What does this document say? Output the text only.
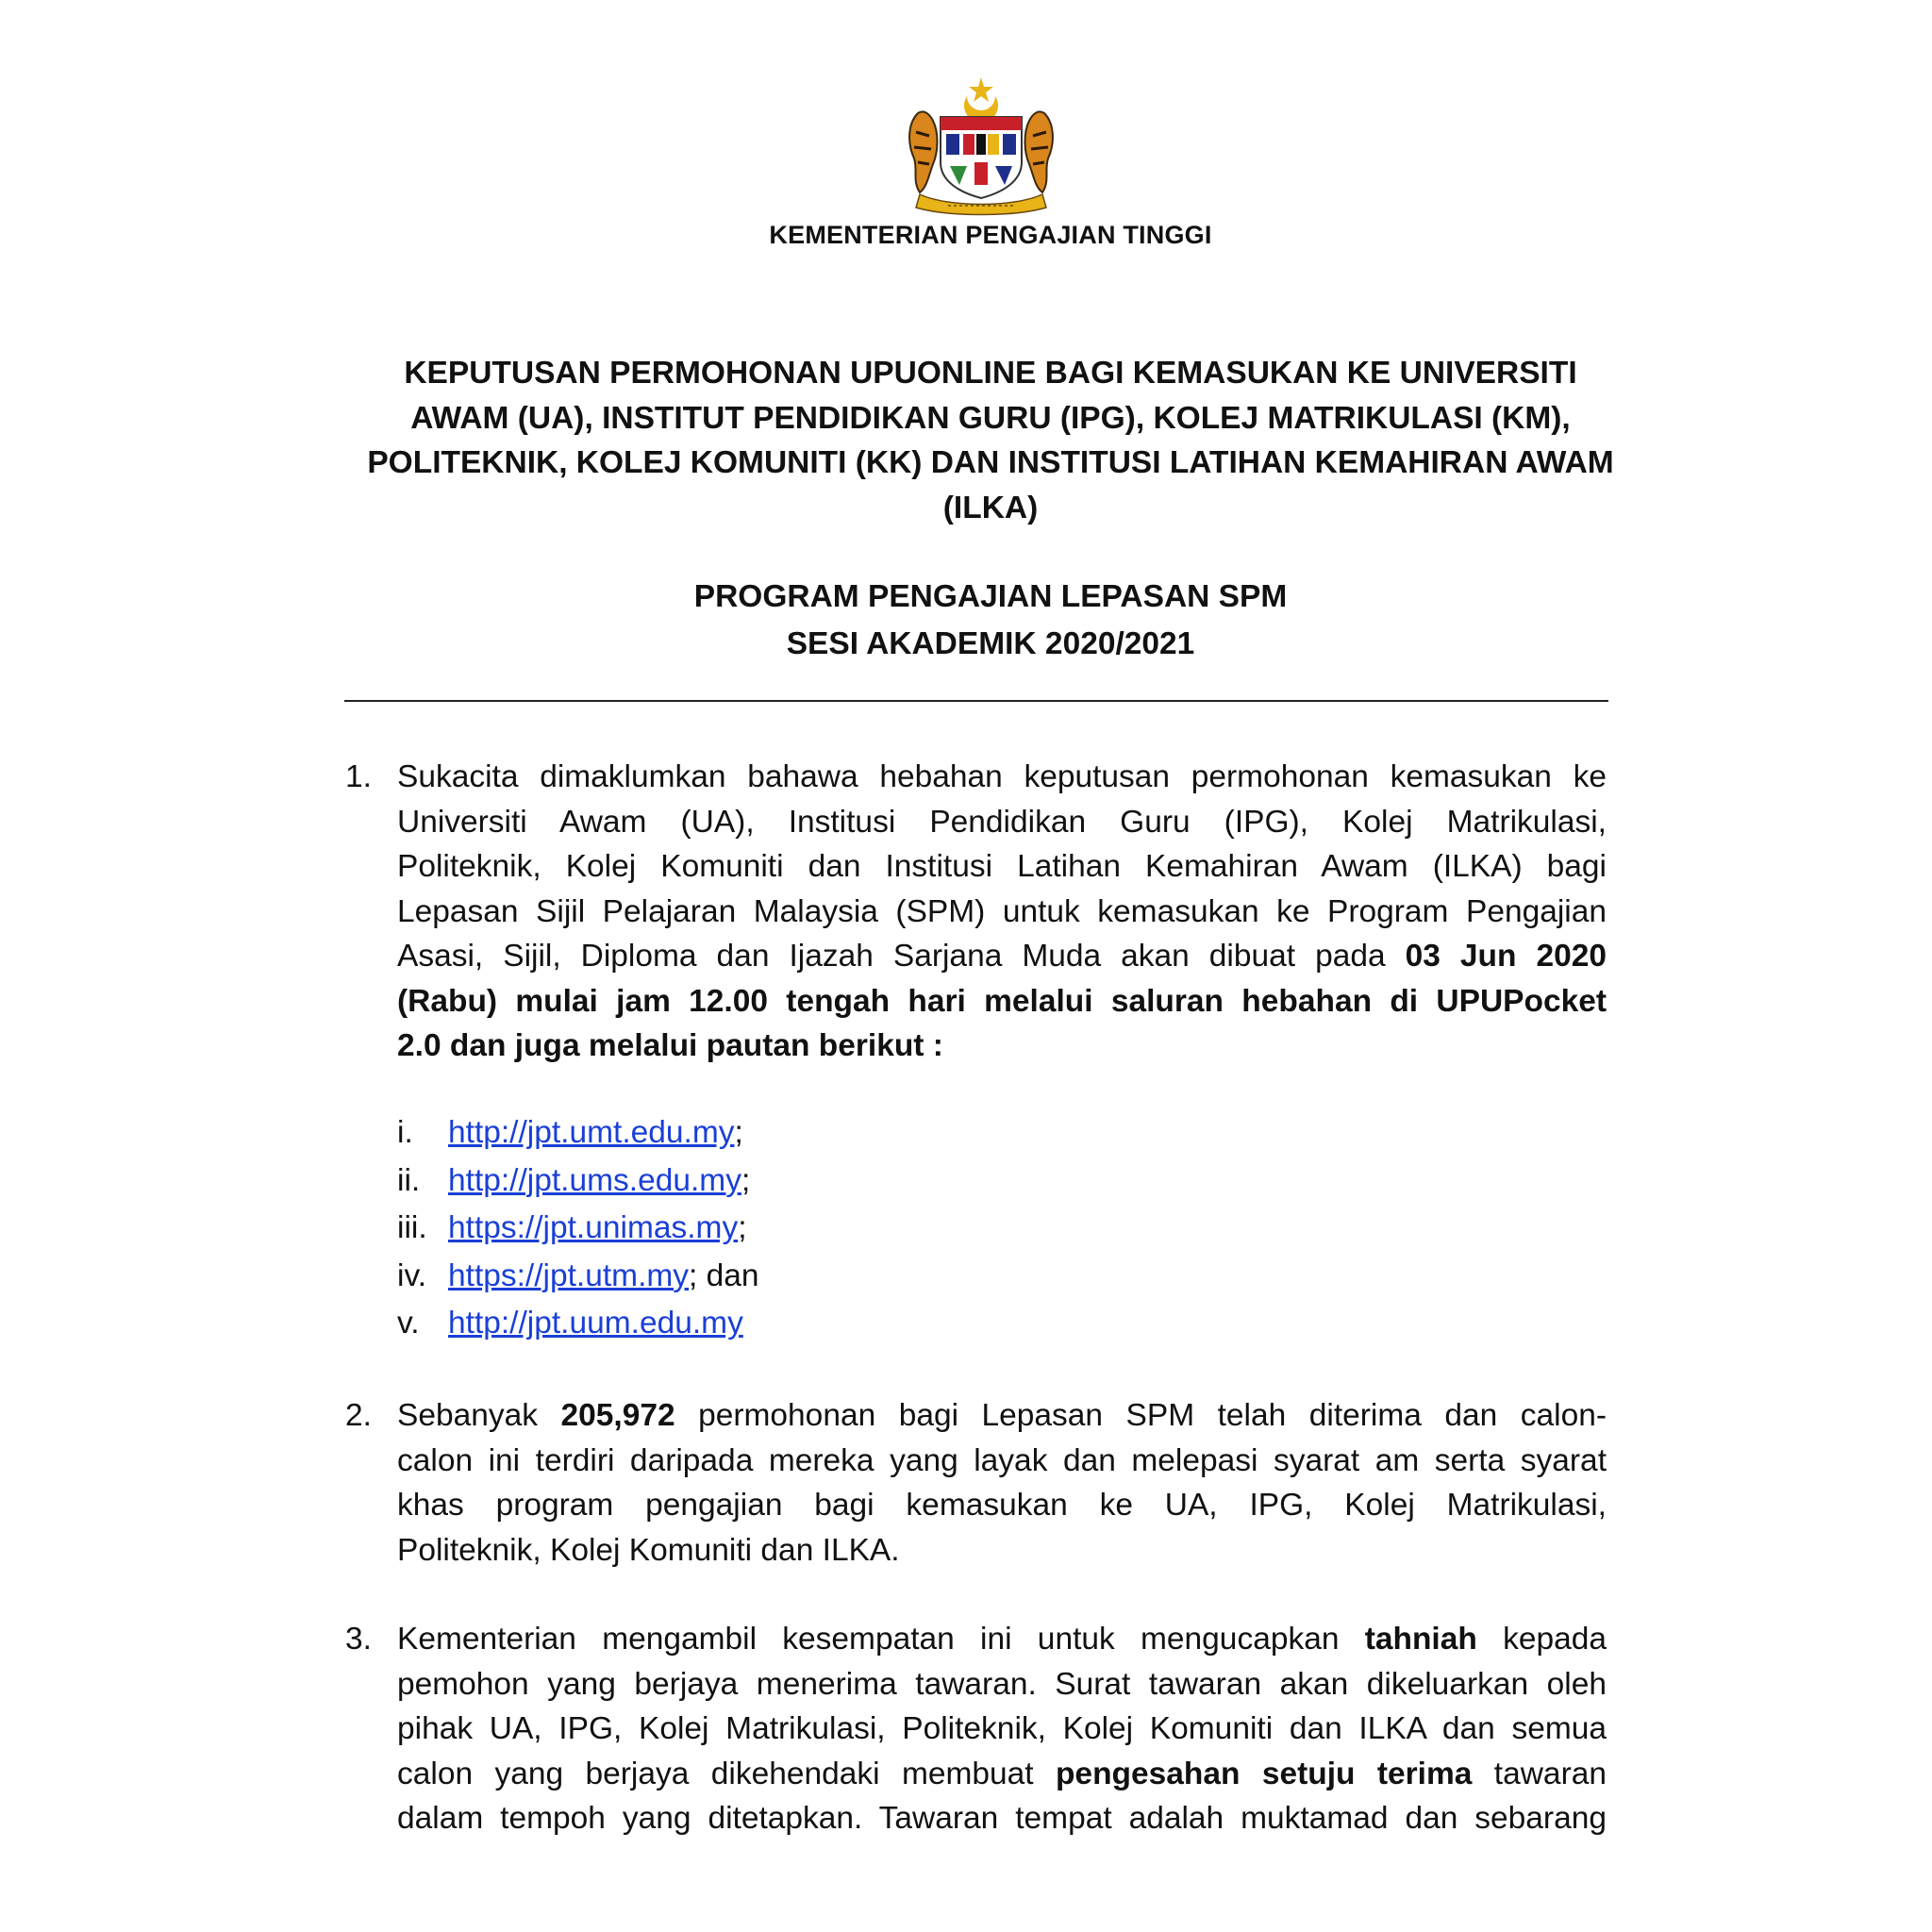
KEMENTERIAN PENGAJIAN TINGGI
KEPUTUSAN PERMOHONAN UPUONLINE BAGI KEMASUKAN KE UNIVERSITI
AWAM (UA), INSTITUT PENDIDIKAN GURU (IPG), KOLEJ MATRIKULASI (KM),
POLITEKNIK, KOLEJ KOMUNITI (KK) DAN INSTITUSI LATIHAN KEMAHIRAN AWAM
(ILKA)
PROGRAM PENGAJIAN LEPASAN SPM
SESI AKADEMIK 2020/2021
1. Sukacita dimaklumkan bahawa hebahan keputusan permohonan kemasukan ke
Universiti Awam (UA), Institusi Pendidikan Guru (IPG), Kolej Matrikulasi,
Politeknik, Kolej Komuniti dan Institusi Latihan Kemahiran Awam (ILKA) bagi
Lepasan Sijil Pelajaran Malaysia (SPM) untuk kemasukan ke Program Pengajian
Asasi, Sijil, Diploma dan Ijazah Sarjana Muda akan dibuat pada 03 Jun 2020
(Rabu) mulai jam 12.00 tengah hari melalui saluran hebahan di UPUPocket
2.0 dan juga melalui pautan berikut :
i. http://jpt.umt.edu.my;
ii. http://jpt.ums.edu.my;
iii. https://jpt.unimas.my;
iv. https://jpt.utm.my; dan
v. http://jpt.uum.edu.my
2. Sebanyak 205,972 permohonan bagi Lepasan SPM telah diterima dan calon-
calon ini terdiri daripada mereka yang layak dan melepasi syarat am serta syarat
khas program pengajian bagi kemasukan ke UA, IPG, Kolej Matrikulasi,
Politeknik, Kolej Komuniti dan ILKA.
3. Kementerian mengambil kesempatan ini untuk mengucapkan tahniah kepada
pemohon yang berjaya menerima tawaran. Surat tawaran akan dikeluarkan oleh
pihak UA, IPG, Kolej Matrikulasi, Politeknik, Kolej Komuniti dan ILKA dan semua
calon yang berjaya dikehendaki membuat pengesahan setuju terima tawaran
dalam tempoh yang ditetapkan. Tawaran tempat adalah muktamad dan sebarang
